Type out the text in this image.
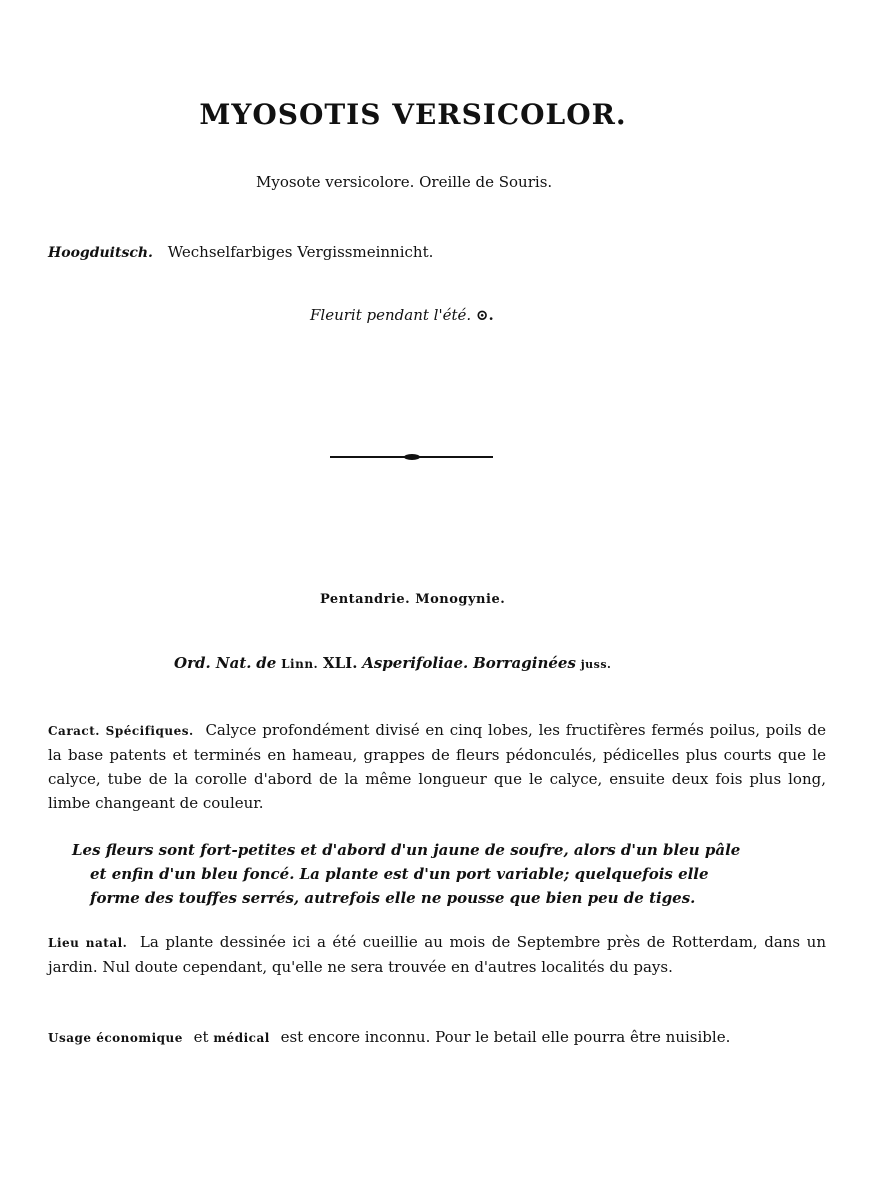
MYOSOTIS VERSICOLOR.
Myosote versicolore. Oreille de Souris.
Hoogduitsch. Wechselfarbiges Vergissmeinnicht.
Fleurit pendant l'été. ⊙.
Pentandrie. Monogynie.
Ord. Nat. de Linn. XLI. Asperifoliae. Borraginées juss.
Caract. Spécifiques. Calyce profondément divisé en cinq lobes, les fructifères fermés poilus, poils de la base patents et terminés en hameau, grappes de fleurs pédonculés, pédicelles plus courts que le calyce, tube de la corolle d'abord de la même longueur que le calyce, ensuite deux fois plus long, limbe changeant de couleur.
Les fleurs sont fort-petites et d'abord d'un jaune de soufre, alors d'un bleu pâle
et enfin d'un bleu foncé. La plante est d'un port variable; quelquefois elle
forme des touffes serrés, autrefois elle ne pousse que bien peu de tiges.
Lieu natal. La plante dessinée ici a été cueillie au mois de Septembre près de Rotterdam, dans un jardin. Nul doute cependant, qu'elle ne sera trouvée en d'autres localités du pays.
Usage économique et médical est encore inconnu. Pour le betail elle pourra être nuisible.
